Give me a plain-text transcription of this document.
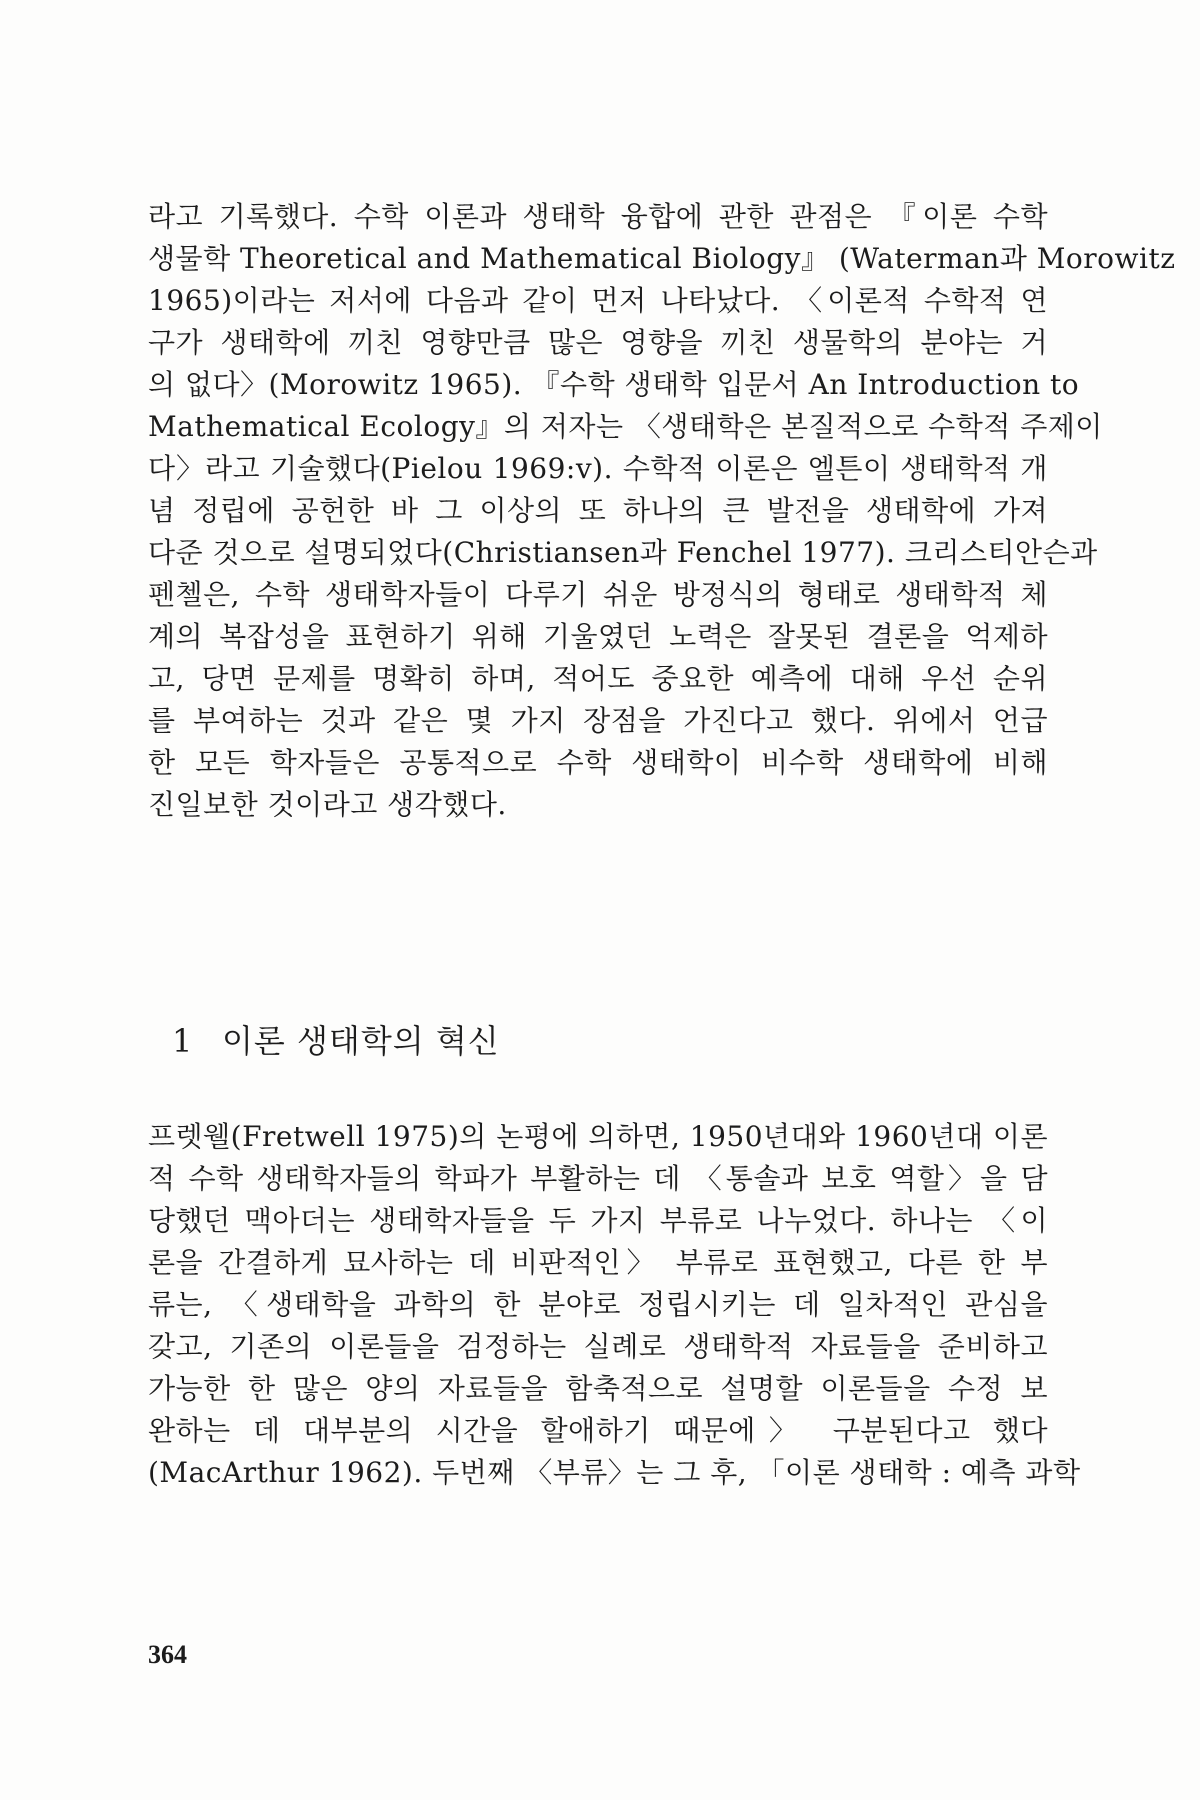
라고 기록했다. 수학 이론과 생태학 융합에 관한 관점은 『이론 수학
생물학 Theoretical and Mathematical Biology』 (Waterman과 Morowitz
1965)이라는 저서에 다음과 같이 먼저 나타났다. 〈이론적 수학적 연
구가 생태학에 끼친 영향만큼 많은 영향을 끼친 생물학의 분야는 거
의 없다〉(Morowitz 1965). 『수학 생태학 입문서 An Introduction to
Mathematical Ecology』의 저자는 〈생태학은 본질적으로 수학적 주제이
다〉라고 기술했다(Pielou 1969:v). 수학적 이론은 엘튼이 생태학적 개
념 정립에 공헌한 바 그 이상의 또 하나의 큰 발전을 생태학에 가져
다준 것으로 설명되었다(Christiansen과 Fenchel 1977). 크리스티안슨과
펜첼은, 수학 생태학자들이 다루기 쉬운 방정식의 형태로 생태학적 체
계의 복잡성을 표현하기 위해 기울였던 노력은 잘못된 결론을 억제하
고, 당면 문제를 명확히 하며, 적어도 중요한 예측에 대해 우선 순위
를 부여하는 것과 같은 몇 가지 장점을 가진다고 했다. 위에서 언급
한 모든 학자들은 공통적으로 수학 생태학이 비수학 생태학에 비해
진일보한 것이라고 생각했다.
1 이론 생태학의 혁신
프렛웰(Fretwell 1975)의 논평에 의하면, 1950년대와 1960년대 이론
적 수학 생태학자들의 학파가 부활하는 데 〈통솔과 보호 역할〉을 담
당했던 맥아더는 생태학자들을 두 가지 부류로 나누었다. 하나는 〈이
론을 간결하게 묘사하는 데 비판적인〉 부류로 표현했고, 다른 한 부
류는, 〈생태학을 과학의 한 분야로 정립시키는 데 일차적인 관심을
갖고, 기존의 이론들을 검정하는 실례로 생태학적 자료들을 준비하고
가능한 한 많은 양의 자료들을 함축적으로 설명할 이론들을 수정 보
완하는 데 대부분의 시간을 할애하기 때문에〉 구분된다고 했다
(MacArthur 1962). 두번째 〈부류〉는 그 후, 「이론 생태학 : 예측 과학
364
